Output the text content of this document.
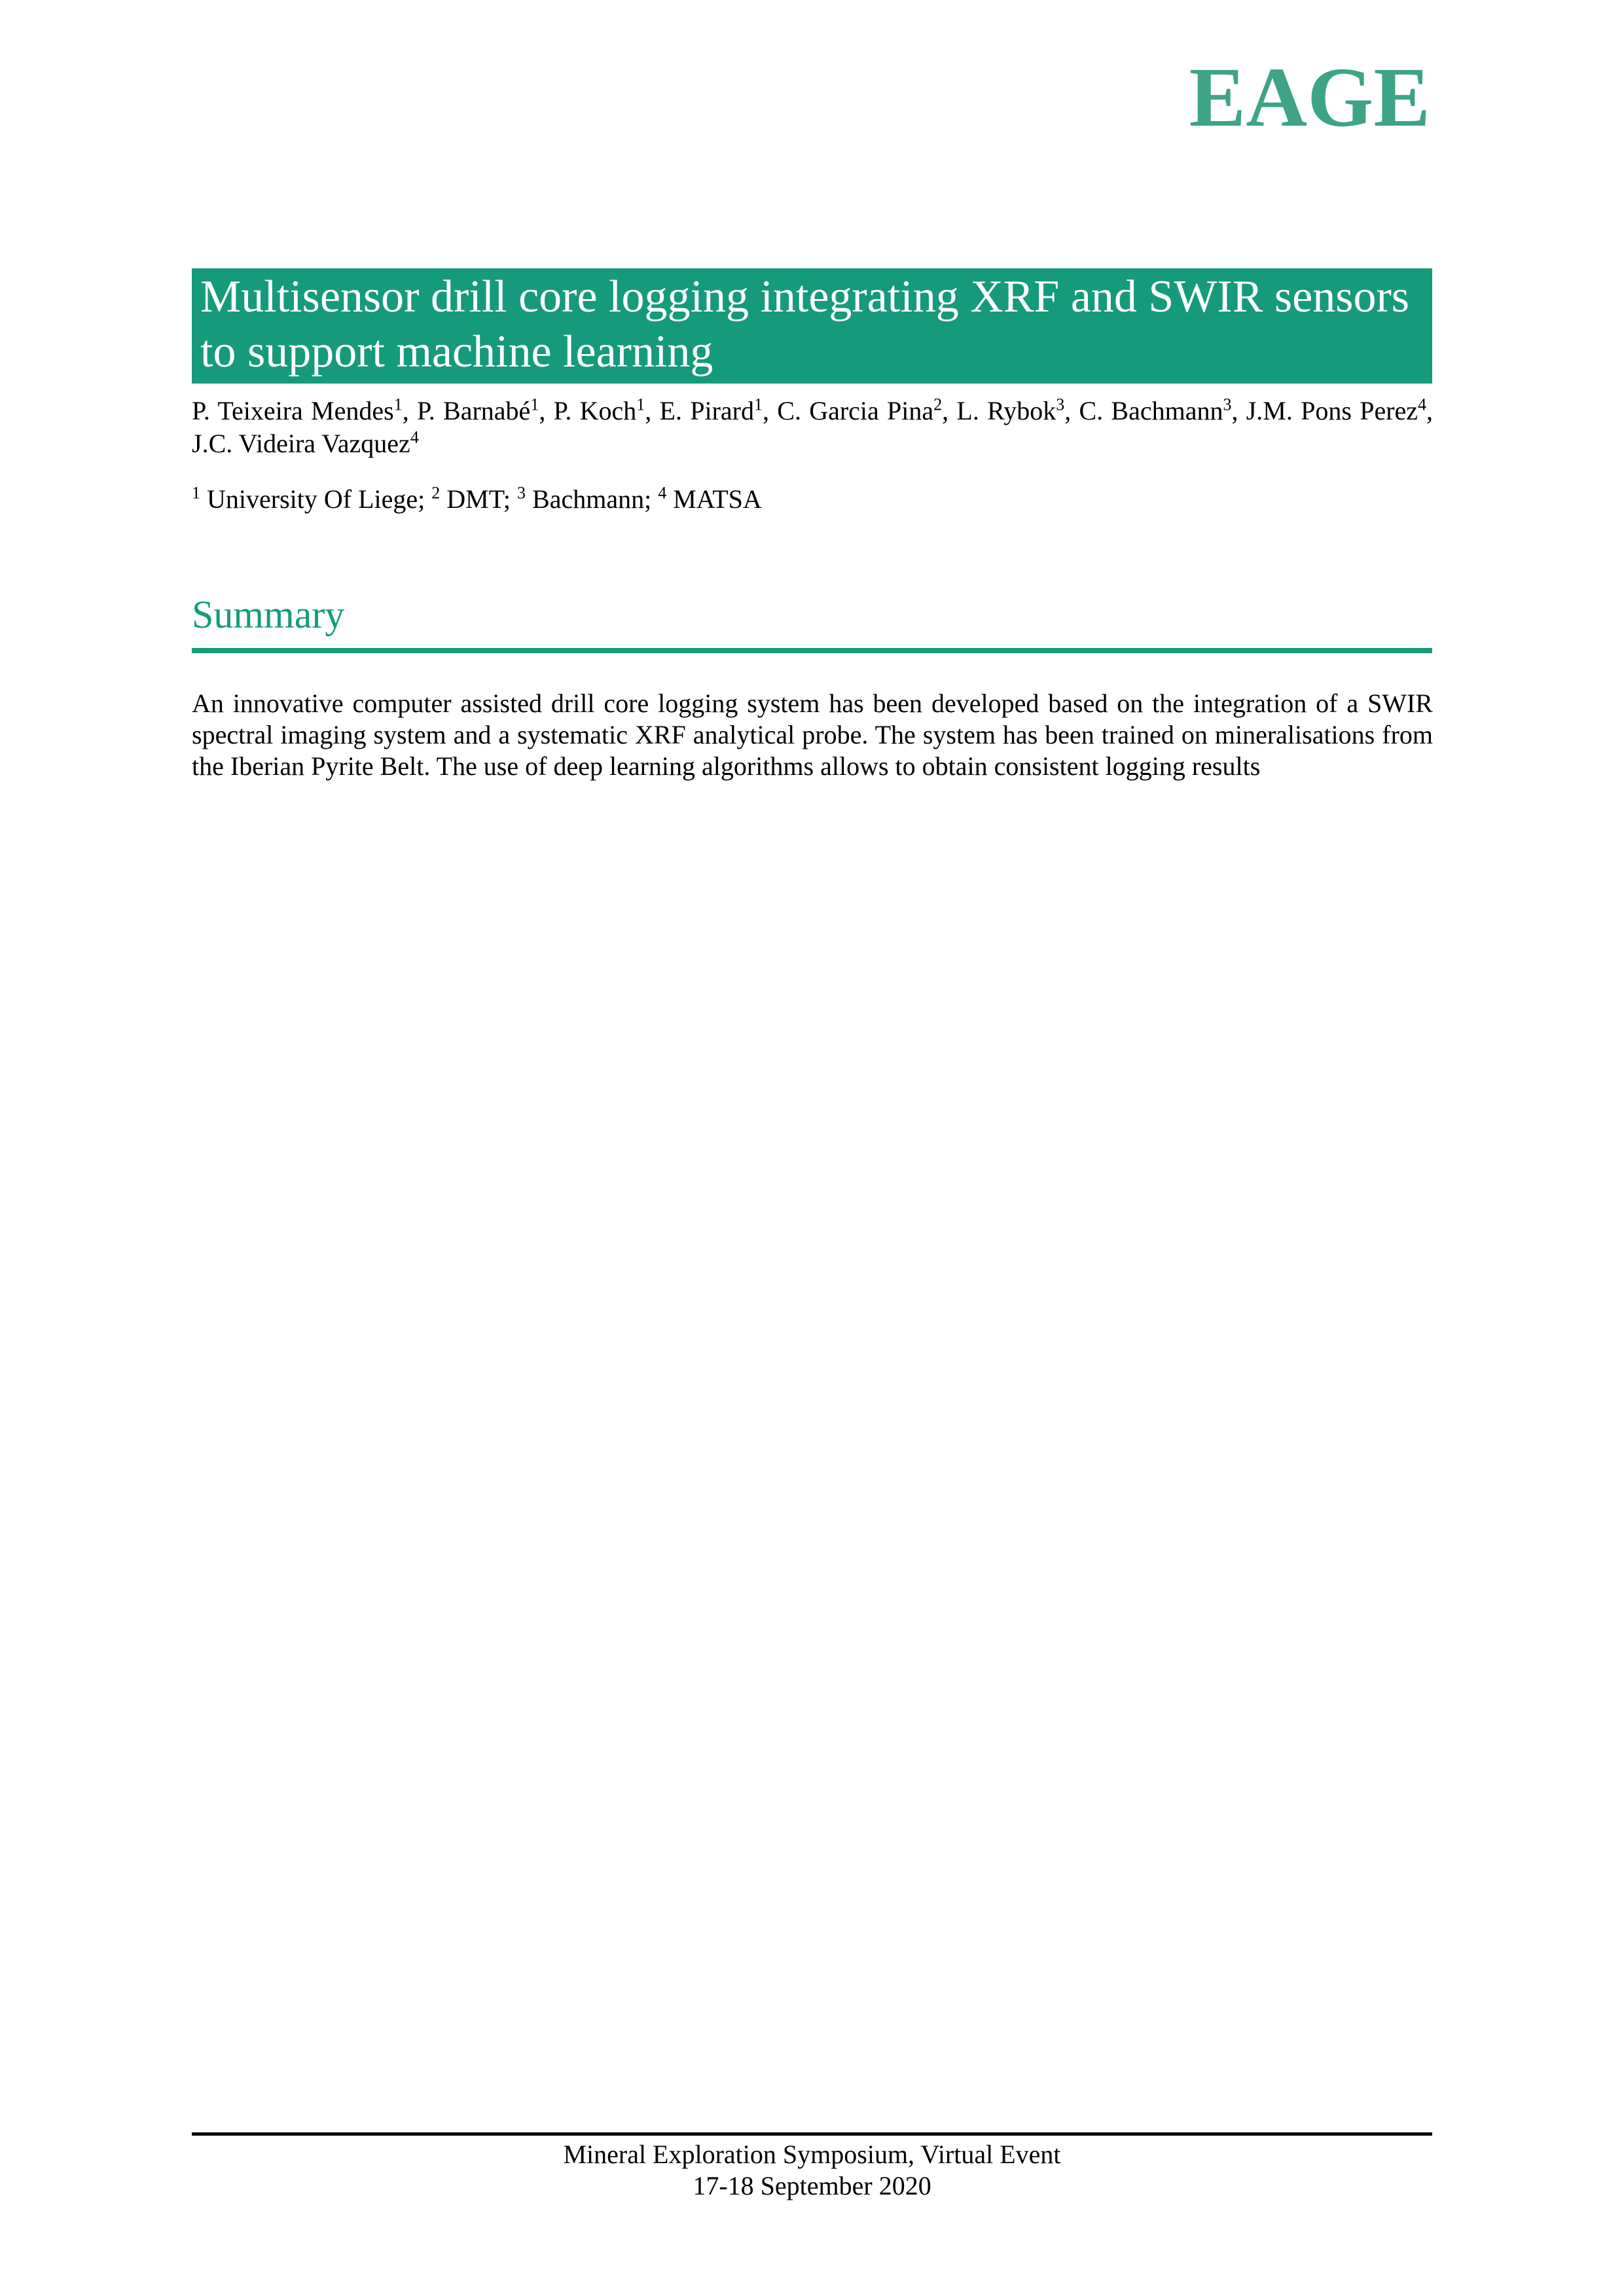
EAGE
Multisensor drill core logging integrating XRF and SWIR sensors to support machine learning

P. Teixeira Mendes$^1$, P. Barnabé$^1$, P. Koch$^1$, E. Pirard$^1$, C. Garcia Pina$^2$, L. Rybok$^3$, C. Bachmann$^3$, J.M. Pons Perez$^4$, J.C. Videira Vazquez$^4$

$^1$ University Of Liege; $^2$ DMT; $^3$ Bachmann; $^4$ MATSA

Summary

An innovative computer assisted drill core logging system has been developed based on the integration of a SWIR spectral imaging system and a systematic XRF analytical probe. The system has been trained on mineralisations from the Iberian Pyrite Belt. The use of deep learning algorithms allows to obtain consistent logging results

Mineral Exploration Symposium, Virtual Event
17-18 September 2020
